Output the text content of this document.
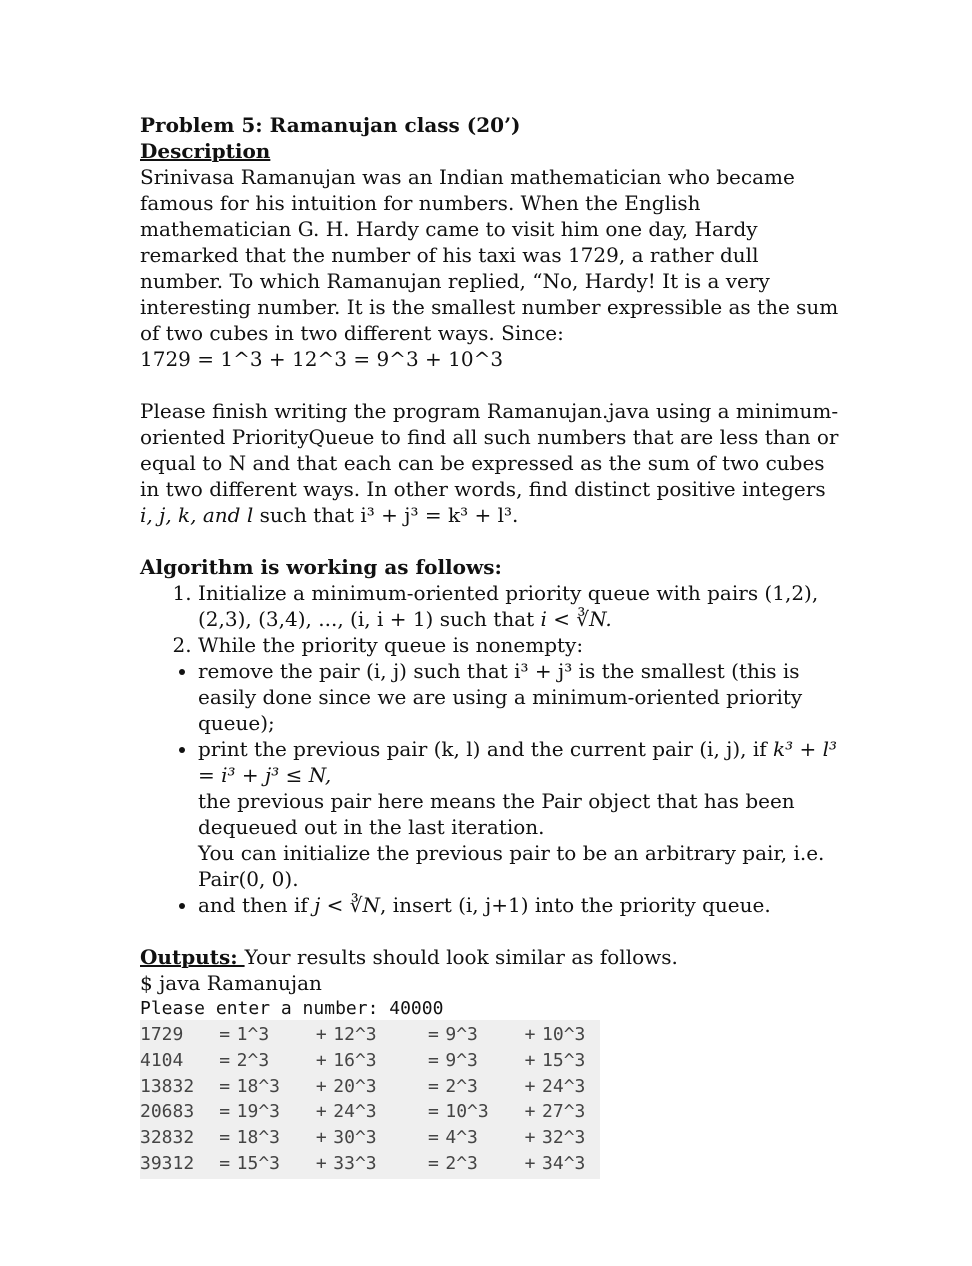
Problem 5: Ramanujan class (20’)

Description

Srinivasa Ramanujan was an Indian mathematician who became famous for his intuition for numbers. When the English mathematician G. H. Hardy came to visit him one day, Hardy remarked that the number of his taxi was 1729, a rather dull number. To which Ramanujan replied, “No, Hardy! It is a very interesting number. It is the smallest number expressible as the sum of two cubes in two different ways. Since:

1729 = 1^3 + 12^3 = 9^3 + 10^3

Please finish writing the program Ramanujan.java using a minimum-oriented PriorityQueue to find all such numbers that are less than or equal to N and that each can be expressed as the sum of two cubes in two different ways. In other words, find distinct positive integers i, j, k, and l such that i³ + j³ = k³ + l³.

Algorithm is working as follows:

1. Initialize a minimum-oriented priority queue with pairs (1,2), (2,3), (3,4), ..., (i, i + 1) such that i < ∛N.
2. While the priority queue is nonempty:
• remove the pair (i, j) such that i³ + j³ is the smallest (this is easily done since we are using a minimum-oriented priority queue);
• print the previous pair (k, l) and the current pair (i, j), if k³ + l³ = i³ + j³ ≤ N,
the previous pair here means the Pair object that has been dequeued out in the last iteration.
You can initialize the previous pair to be an arbitrary pair, i.e. Pair(0, 0).
• and then if j < ∛N, insert (i, j+1) into the priority queue.

Outputs: Your results should look similar as follows.

$ java Ramanujan

Please enter a number: 40000
1729	= 1^3	+ 12^3	= 9^3	+ 10^3
4104	= 2^3	+ 16^3	= 9^3	+ 15^3
13832	= 18^3	+ 20^3	= 2^3	+ 24^3
20683	= 19^3	+ 24^3	= 10^3	+ 27^3
32832	= 18^3	+ 30^3	= 4^3	+ 32^3
39312	= 15^3	+ 33^3	= 2^3	+ 34^3
